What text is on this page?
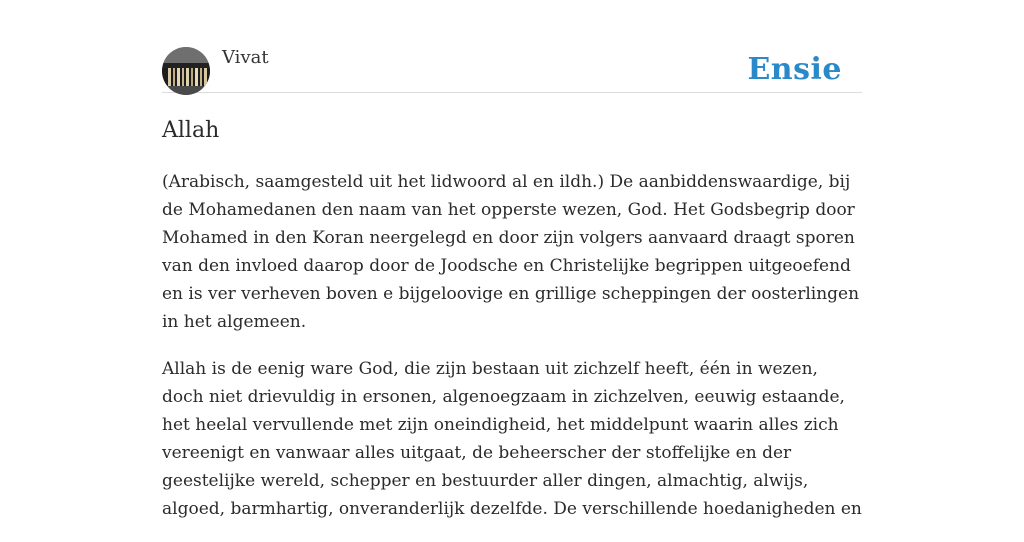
Vivat	Ensie
Allah

(Arabisch, saamgesteld uit het lidwoord al en ildh.) De aanbiddenswaardige, bij de Mohamedanen den naam van het opperste wezen, God. Het Godsbegrip door Mohamed in den Koran neergelegd en door zijn volgers aanvaard draagt sporen van den invloed daarop door de Joodsche en Christelijke begrippen uitgeoefend en is ver verheven boven e bijgeloovige en grillige scheppingen der oosterlingen in het algemeen.

Allah is de eenig ware God, die zijn bestaan uit zichzelf heeft, één in wezen, doch niet drievuldig in ersonen, algenoegzaam in zichzelven, eeuwig estaande, het heelal vervullende met zijn oneindigheid, het middelpunt waarin alles zich vereenigt en vanwaar alles uitgaat, de beheerscher der stoffelijke en der geestelijke wereld, schepper en bestuurder aller dingen, almachtig, alwijs, algoed, barmhartig, onveranderlijk dezelfde. De verschillende hoedanigheden en
